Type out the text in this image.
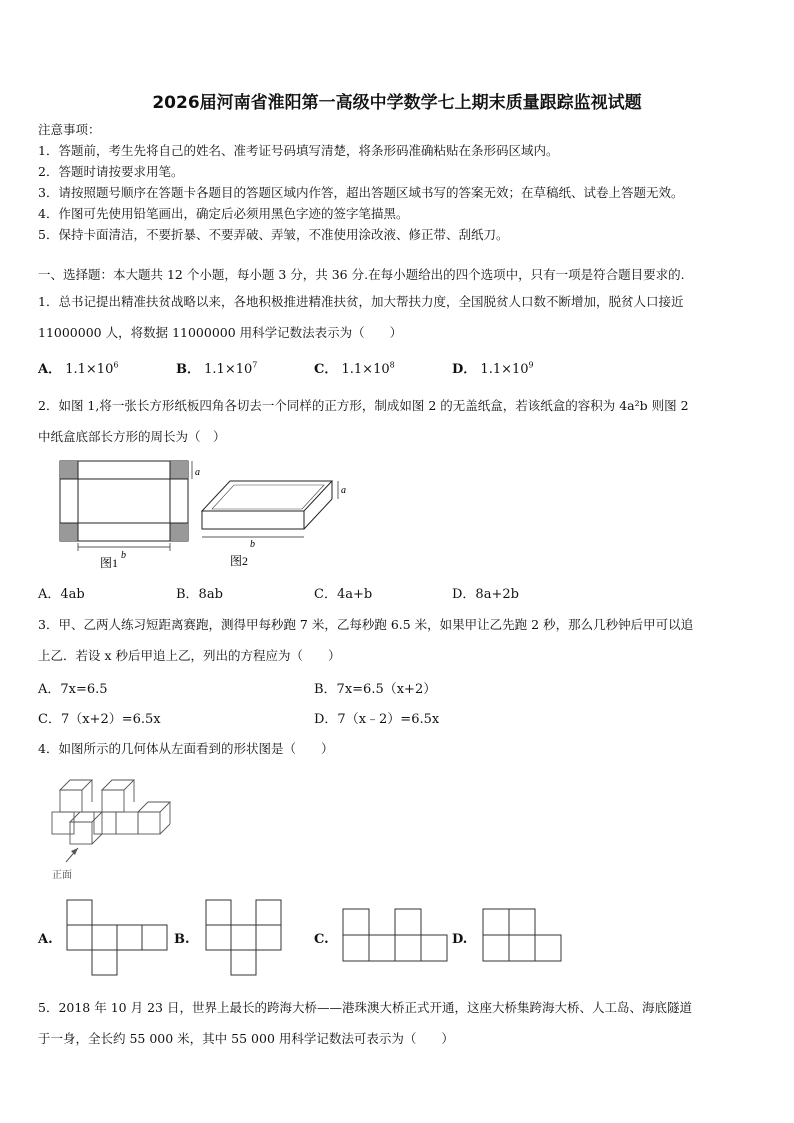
2026届河南省淮阳第一高级中学数学七上期末质量跟踪监视试题
注意事项：
1．答题前，考生先将自己的姓名、准考证号码填写清楚，将条形码准确粘贴在条形码区域内。
2．答题时请按要求用笔。
3．请按照题号顺序在答题卡各题目的答题区域内作答，超出答题区域书写的答案无效；在草稿纸、试卷上答题无效。
4．作图可先使用铅笔画出，确定后必须用黑色字迹的签字笔描黑。
5．保持卡面清洁，不要折暴、不要弄破、弄皱，不准使用涂改液、修正带、刮纸刀。
一、选择题：本大题共 12 个小题，每小题 3 分，共 36 分.在每小题给出的四个选项中，只有一项是符合题目要求的.
1．总书记提出精准扶贫战略以来，各地积极推进精准扶贫，加大帮扶力度，全国脱贫人口数不断增加，脱贫人口接近
11000000 人，将数据 11000000 用科学记数法表示为（　　）
A． $1.1\times 10^6$	B． $1.1\times 10^7$	C． $1.1\times 10^8$	D． $1.1\times 10^9$
2．如图 1,将一张长方形纸板四角各切去一个同样的正方形，制成如图 2 的无盖纸盒，若该纸盒的容积为 4a²b 则图 2
中纸盒底部长方形的周长为（　）
a
b
图1
a
b
图2
A．4ab	B．8ab	C．4a+b	D．8a+2b
3．甲、乙两人练习短距离赛跑，测得甲每秒跑 7 米，乙每秒跑 6.5 米，如果甲让乙先跑 2 秒，那么几秒钟后甲可以追
上乙．若设 x 秒后甲追上乙，列出的方程应为（　　）
A．7x=6.5	B．7x=6.5（x+2）
C．7（x+2）=6.5x	D．7（x﹣2）=6.5x
4．如图所示的几何体从左面看到的形状图是（　　）
正面
A.	B.	C.	D.
5．2018 年 10 月 23 日，世界上最长的跨海大桥——港珠澳大桥正式开通，这座大桥集跨海大桥、人工岛、海底隧道
于一身，全长约 55 000 米，其中 55 000 用科学记数法可表示为（　　）
